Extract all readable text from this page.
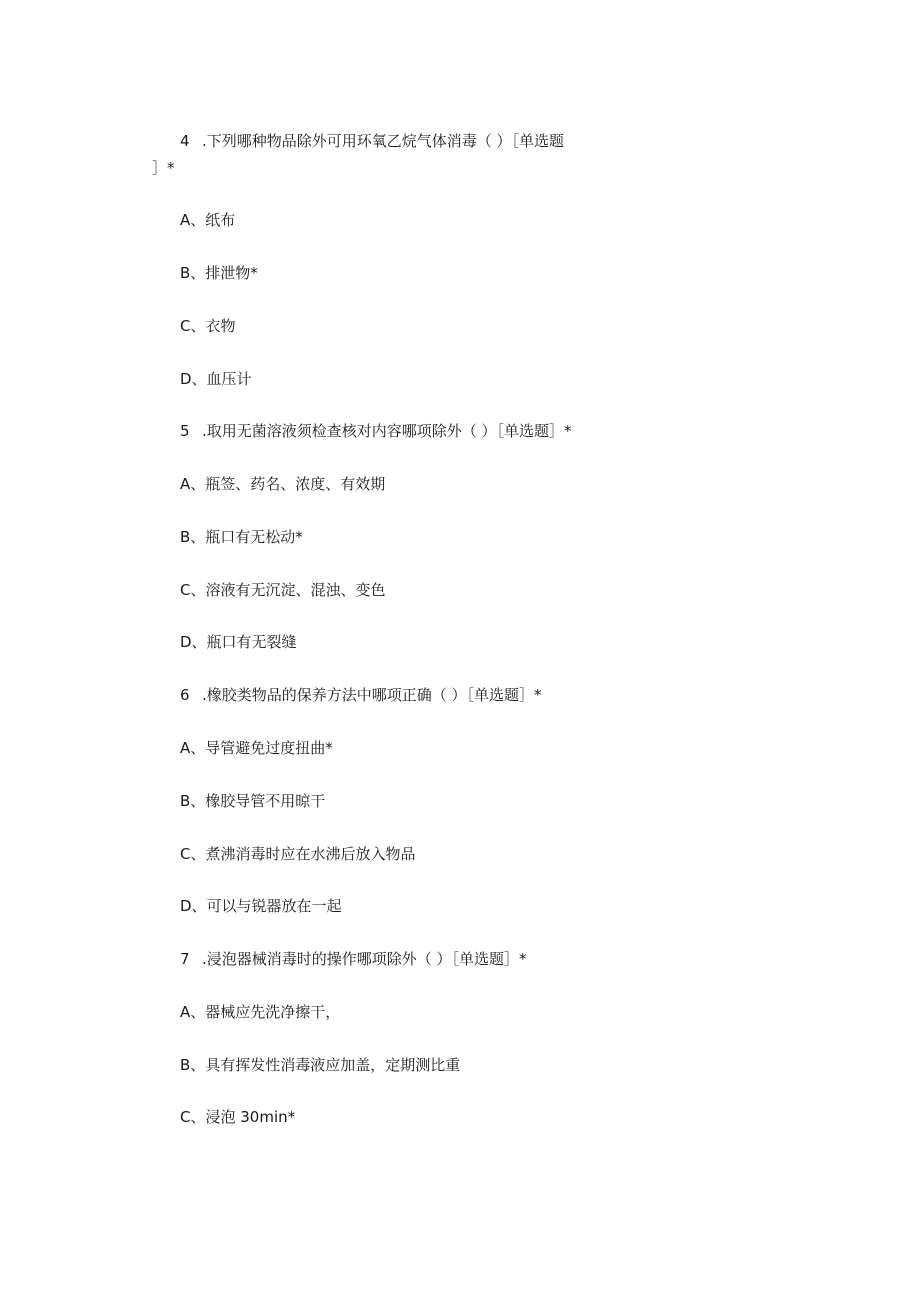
4 .下列哪种物品除外可用环氧乙烷气体消毒（ ）［单选题
］*
A、纸布
B、排泄物*
C、衣物
D、血压计
5 .取用无菌溶液须检查核对内容哪项除外（ ）［单选题］*
A、瓶签、药名、浓度、有效期
B、瓶口有无松动*
C、溶液有无沉淀、混浊、变色
D、瓶口有无裂缝
6 .橡胶类物品的保养方法中哪项正确（ ）［单选题］*
A、导管避免过度扭曲*
B、橡胶导管不用晾干
C、煮沸消毒时应在水沸后放入物品
D、可以与锐器放在一起
7 .浸泡器械消毒时的操作哪项除外（ ）［单选题］*
A、器械应先洗净擦干，
B、具有挥发性消毒液应加盖，定期测比重
C、浸泡 30min*
